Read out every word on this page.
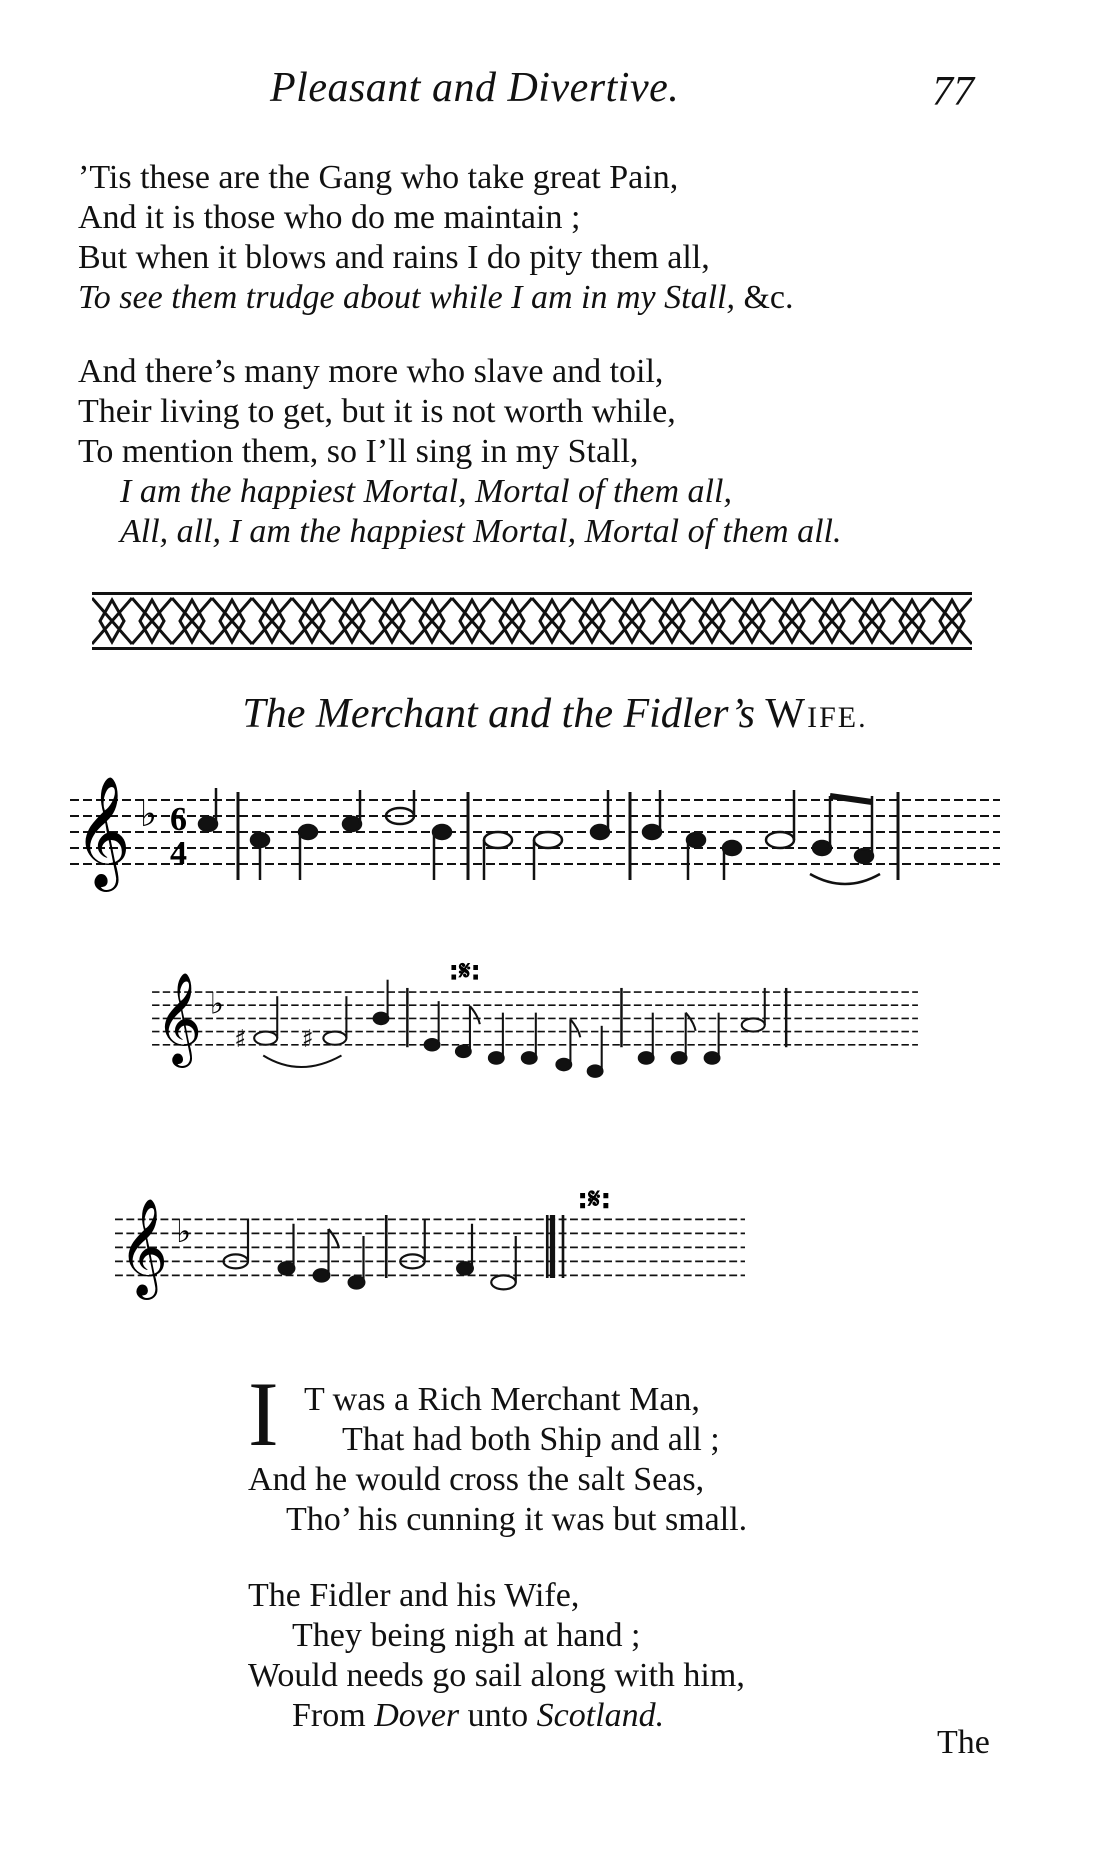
Pleasant and Divertive.	77
’Tis these are the Gang who take great Pain,
And it is those who do me maintain ;
But when it blows and rains I do pity them all,
To see them trudge about while I am in my Stall, &c.
And there’s many more who slave and toil,
Their living to get, but it is not worth while,
To mention them, so I’ll sing in my Stall,
I am the happiest Mortal, Mortal of them all,
All, all, I am the happiest Mortal, Mortal of them all.
The Merchant and the Fidler’s WIFE.
𝄞 ♭ 6
4
𝄞 ♭
:𝄋:
♯ ♯
𝄞 ♭
:𝄋:
I T was a Rich Merchant Man,
That had both Ship and all ;
And he would cross the salt Seas,
Tho’ his cunning it was but small.
The Fidler and his Wife,
They being nigh at hand ;
Would needs go sail along with him,
From Dover unto Scotland.
The
